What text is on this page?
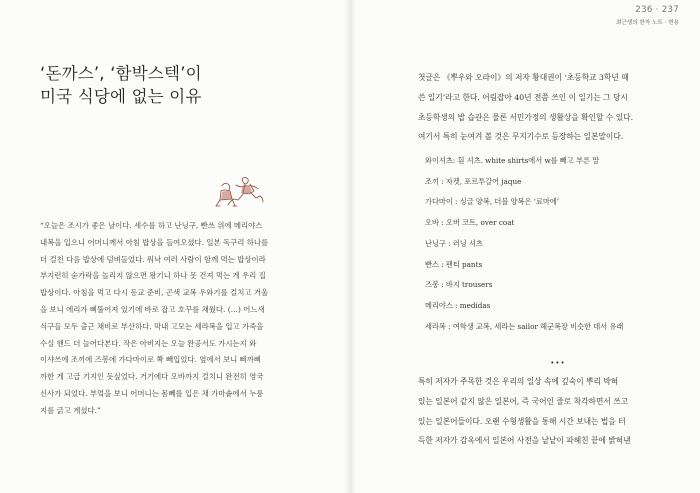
‘돈까스’, ‘함박스텍’이
미국 식당에 없는 이유
“오늘은 조시가 좋은 날이다. 세수를 하고 난닝구, 빤쓰 위에 메리야스
내복을 입으니 어머니께서 아침 밥상을 들여오셨다. 일본 독구리 하나를
더 걸친 다음 밥상에 덤벼들었다. 워낙 여러 사람이 함께 먹는 밥상이라
부지런히 숟가락을 놀리지 않으면 왕기니 하나 못 건져 먹는 게 우리 집
밥상이다. 아침을 먹고 다시 등교 준비, 곤색 교복 우와기를 걸치고 거울
을 보니 에리가 삐뚤어져 있기에 바로 잡고 호꾸를 채웠다. (…) 어느새
식구들 모두 출근 채비로 부산하다. 막내 고모는 세라복을 입고 가죽을
수실 핸드 더 늘어다본다. 작은 아버지는 오늘 완공서도 가시는지 와
이샤쓰에 조끼에 즈봉에 가다마이로 쫙 빼입었다. 옆에서 보니 삐까삐
까한 게 고급 기지인 듯싶었다. 거기에다 오바까지 걸치니 완전히 영국
신사가 되었다. 부엌을 보니 어머니는 몸뻬를 입은 채 가마솥에서 누룽
지를 긁고 계셨다.”
236 · 237
최근생의 한자 노트 · 변용
첫글은 《뿌우와 오라이》의 저자 황대권이 ‘초등학교 3학년 때
쓴 일기’라고 한다. 어림잡아 40년 전쯤 쓰인 이 일기는 그 당시
초등학생의 밥 습관은 물론 서민가정의 생활상을 확인할 수 있다.
여기서 특히 눈여겨 볼 것은 무지기수로 등장하는 일본말이다.
와이셔츠: 흰 셔츠. white shirts에서 w를 빼고 부른 말
조끼 : 자켓, 포르투갈어 jaque
가다마이 : 싱글 양복, 더블 양복은 ‘료마에’
오바 : 오버 코트, over coat
난닝구 : 러닝 셔츠
빤스 : 팬티 pants
즈봉 : 바지 trousers
메리야스 : medidas
세라복 : 여학생 교복, 세라는 sailor 해군복장 비슷한 데서 유래
•••
특히 저자가 주목한 것은 우리의 일상 속에 깊숙이 뿌리 박혀
있는 일본어 같지 않은 일본어, 즉 국어인 줄로 착각하면서 쓰고
있는 일본어들이다. 오랜 수형생활을 통해 시간 보내는 법을 터
득한 저자가 감옥에서 일본어 사전을 낱낱이 파헤친 끝에 밝혀낸
